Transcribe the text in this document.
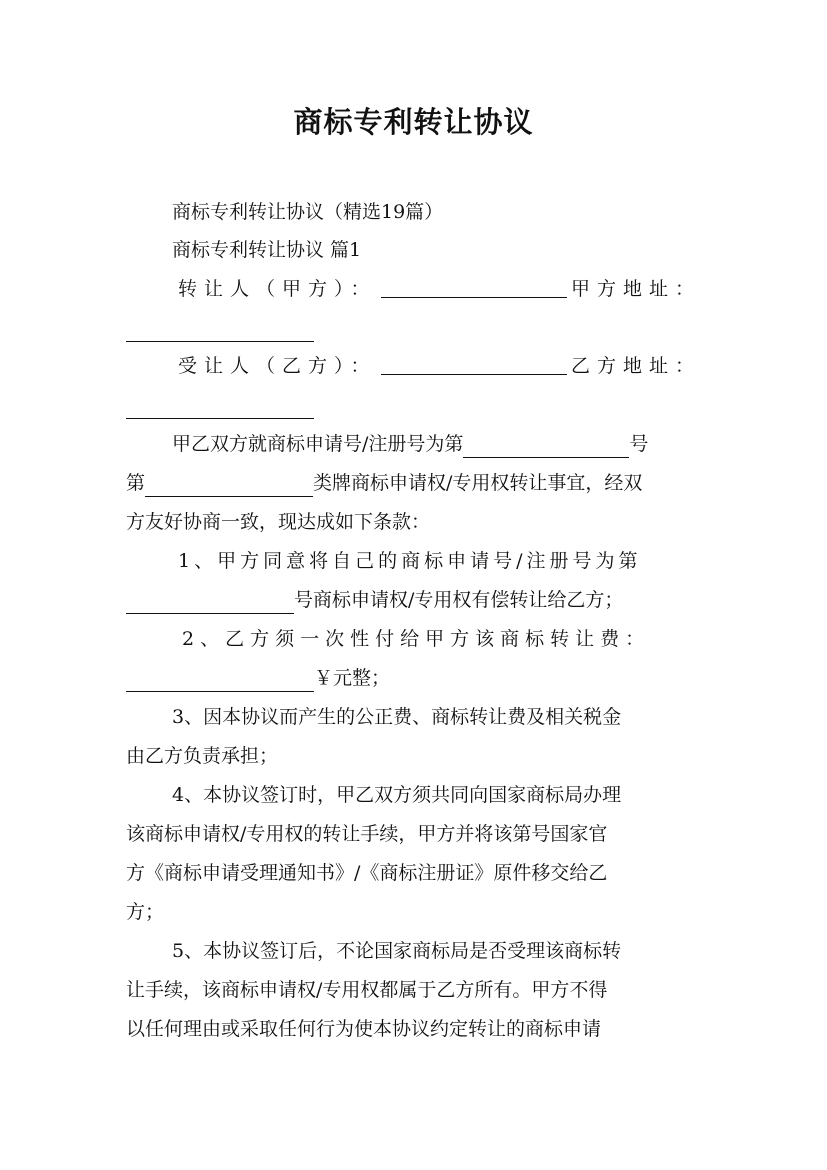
商标专利转让协议
商标专利转让协议（精选19篇）
商标专利转让协议 篇1
转让人（甲方）：	甲方地址：
受让人（乙方）：	乙方地址：
甲乙双方就商标申请号/注册号为第	号
第	类牌商标申请权/专用权转让事宜，经双
方友好协商一致，现达成如下条款：
1、甲方同意将自己的商标申请号/注册号为第
号商标申请权/专用权有偿转让给乙方；
2、乙方须一次性付给甲方该商标转让费：
￥元整；
3、因本协议而产生的公正费、商标转让费及相关税金
由乙方负责承担；
4、本协议签订时，甲乙双方须共同向国家商标局办理
该商标申请权/专用权的转让手续，甲方并将该第号国家官
方《商标申请受理通知书》/《商标注册证》原件移交给乙
方；
5、本协议签订后，不论国家商标局是否受理该商标转
让手续，该商标申请权/专用权都属于乙方所有。甲方不得
以任何理由或采取任何行为使本协议约定转让的商标申请
